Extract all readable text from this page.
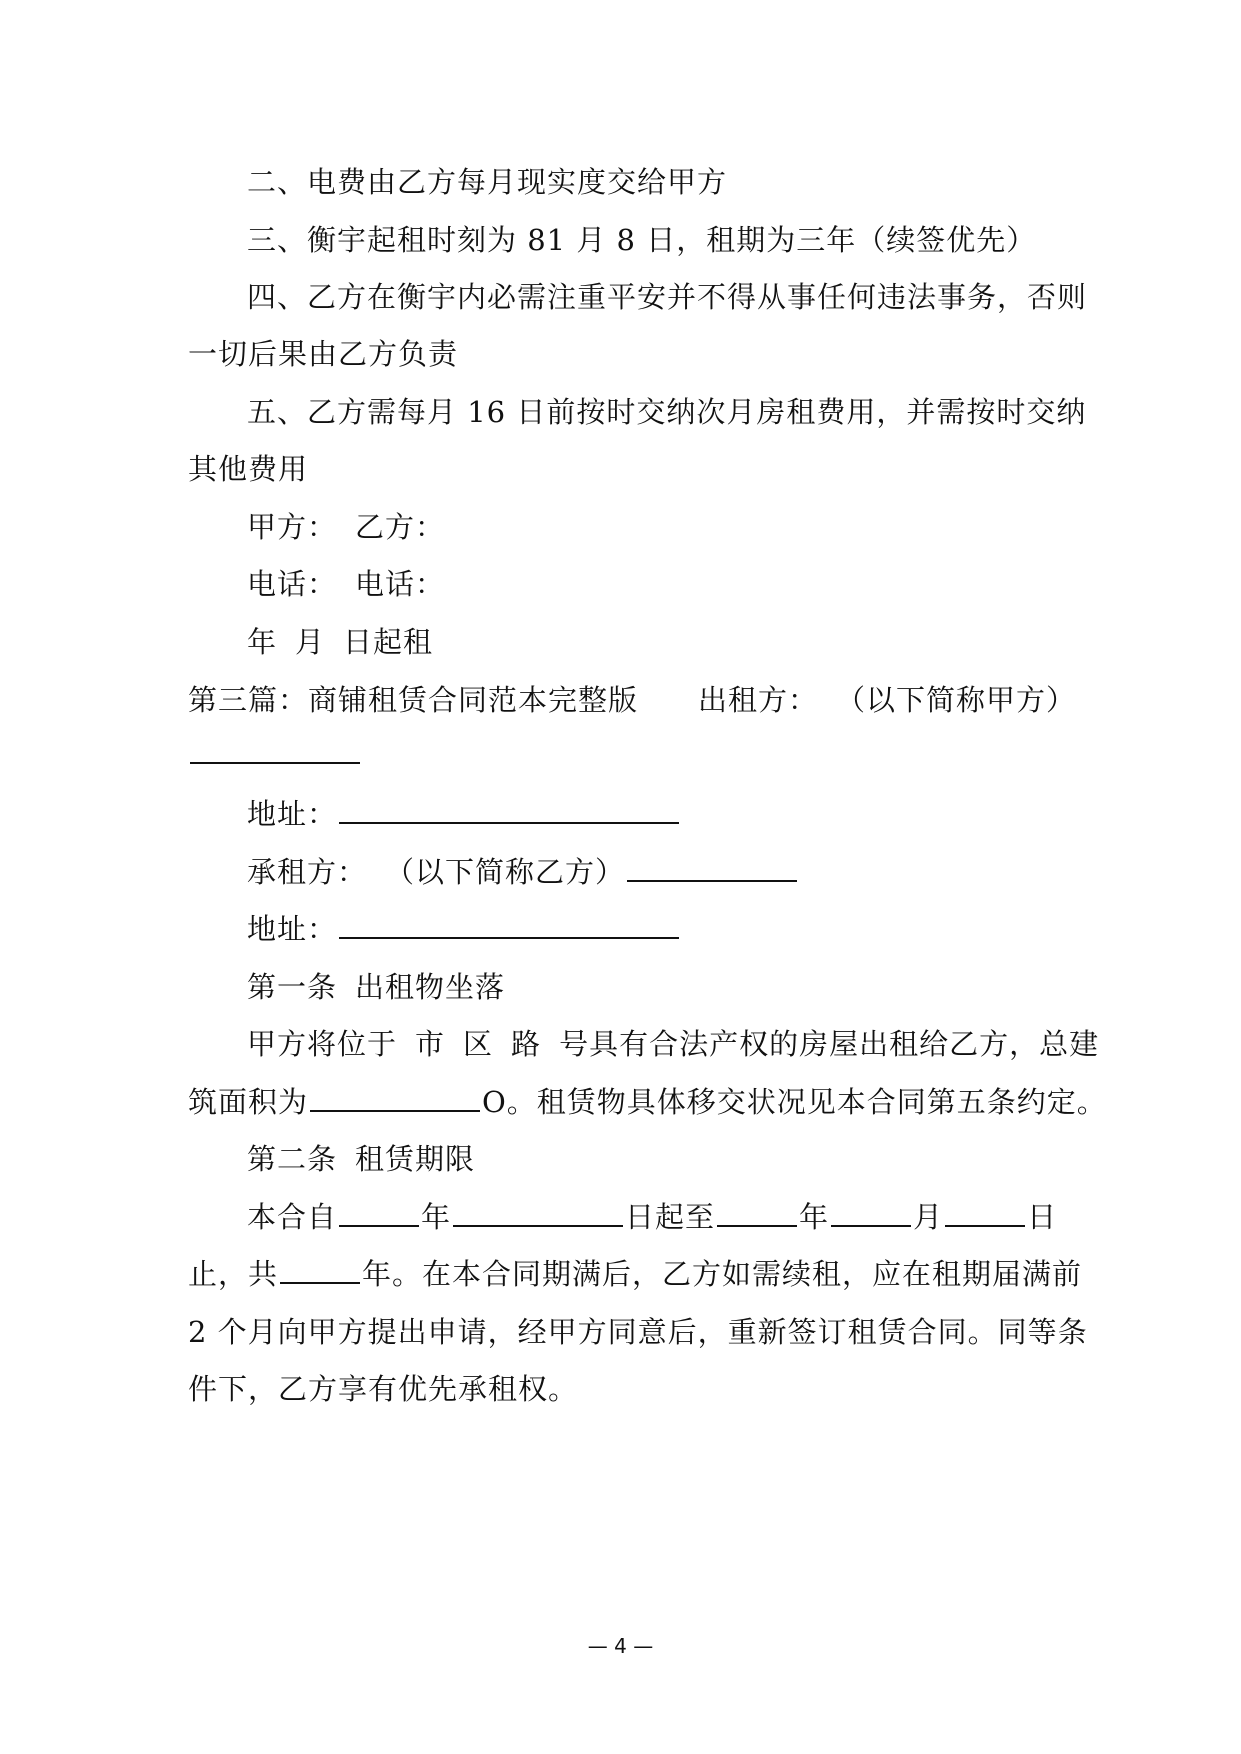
二、电费由乙方每月现实度交给甲方
三、衡宇起租时刻为 81 月 8 日，租期为三年（续签优先）
四、乙方在衡宇内必需注重平安并不得从事任何违法事务，否则
一切后果由乙方负责
五、乙方需每月 16 日前按时交纳次月房租费用，并需按时交纳
其他费用
甲方： 乙方：
电话： 电话：
年 月 日起租
第三篇：商铺租赁合同范本完整版 出租方： （以下简称甲方）
地址：
承租方： （以下简称乙方）
地址：
第一条 出租物坐落
甲方将位于 市 区 路 号具有合法产权的房屋出租给乙方，总建
筑面积为	O。租赁物具体移交状况见本合同第五条约定。
第二条 租赁期限
本合自	年	日起至	年	月	日
止，共	年。在本合同期满后，乙方如需续租，应在租期届满前
2 个月向甲方提出申请，经甲方同意后，重新签订租赁合同。同等条
件下，乙方享有优先承租权。
— 4 —
